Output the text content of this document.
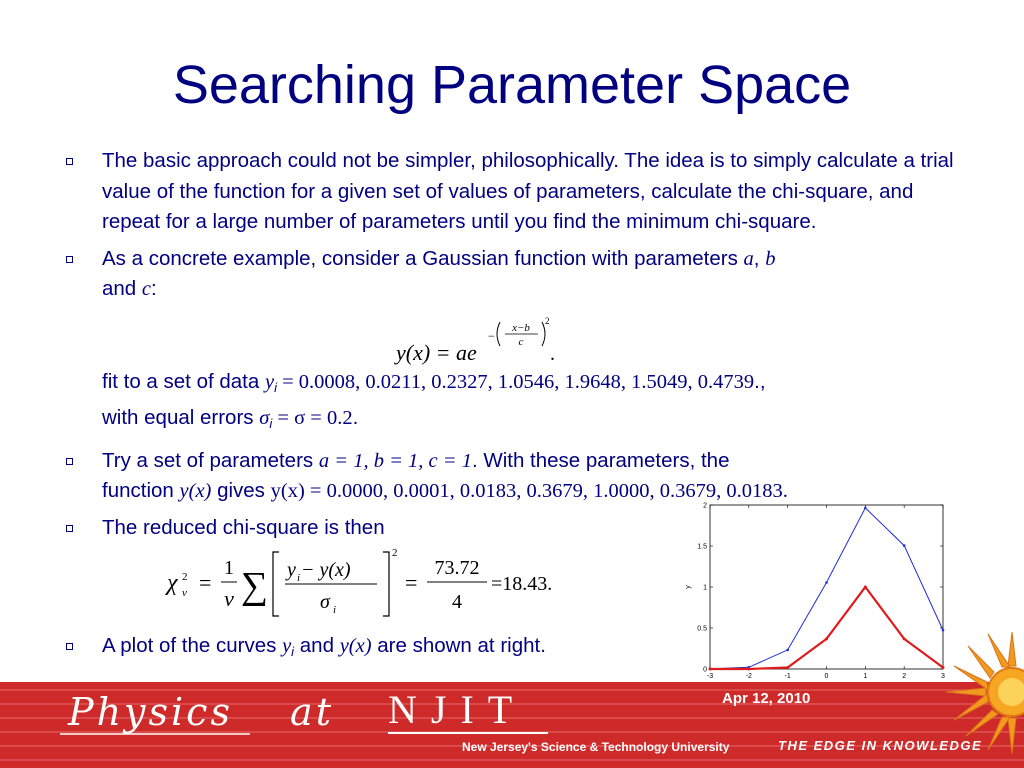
Searching Parameter Space
The basic approach could not be simpler, philosophically. The idea is to simply calculate a trial value of the function for a given set of values of parameters, calculate the chi-square, and repeat for a large number of parameters until you find the minimum chi-square.
As a concrete example, consider a Gaussian function with parameters a, b
and c:
fit to a set of data $y_i = 0.0008$, 0.0211, 0.2327, 1.0546, 1.9648, 1.5049, 0.4739.,
with equal errors $\sigma_i = \sigma = 0.2$.
Try a set of parameters a = 1, b = 1, c = 1. With these parameters, the
function y(x) gives y(x) = 0.0000, 0.0001, 0.0183, 0.3679, 1.0000, 0.3679, 0.0183.
The reduced chi-square is then
A plot of the curves $y_i$ and y(x) are shown at right.
y(x) = ae
−
x−b
c
2
.
χ 2
ν =
1
ν ∑ y i − y(x)
σ i
2
=
73.72
4
=18.43.
-3	-2	-1	0	1	2	3
0
0.5
1
1.5
2
y
Physics at NJIT
New Jersey's Science & Technology University
Apr 12, 2010
THE EDGE IN KNOWLEDGE
